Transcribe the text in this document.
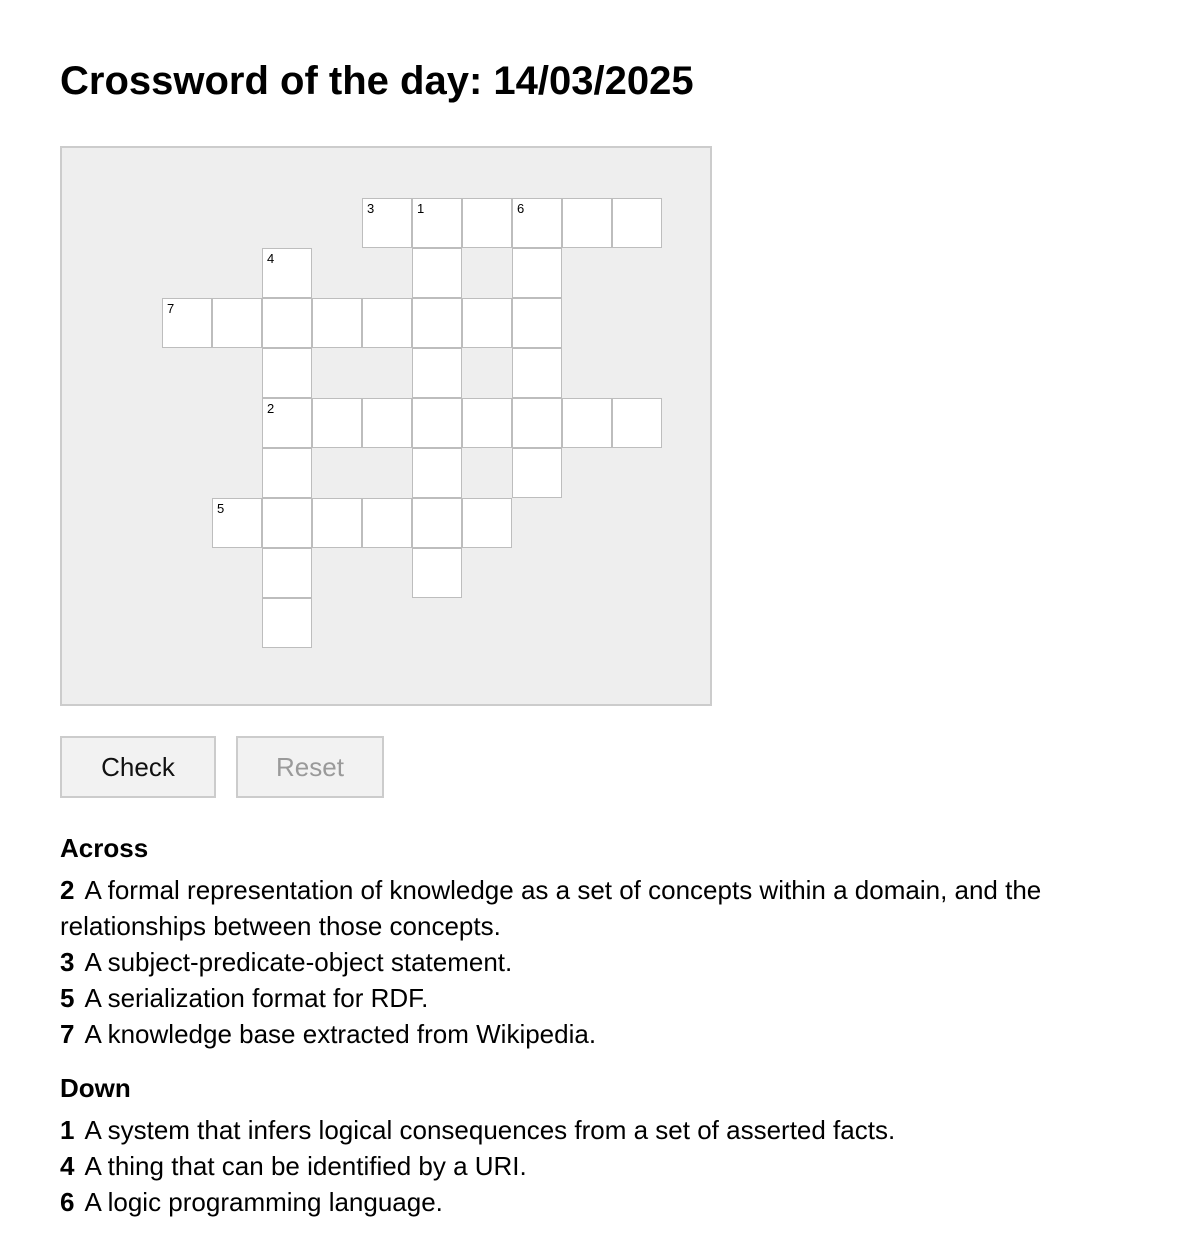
Crossword of the day: 14/03/2025
3	1	6
4
7
2
5
Check	Reset
Across
2 A formal representation of knowledge as a set of concepts within a domain, and the relationships between those concepts.
3 A subject-predicate-object statement.
5 A serialization format for RDF.
7 A knowledge base extracted from Wikipedia.
Down
1 A system that infers logical consequences from a set of asserted facts.
4 A thing that can be identified by a URI.
6 A logic programming language.
